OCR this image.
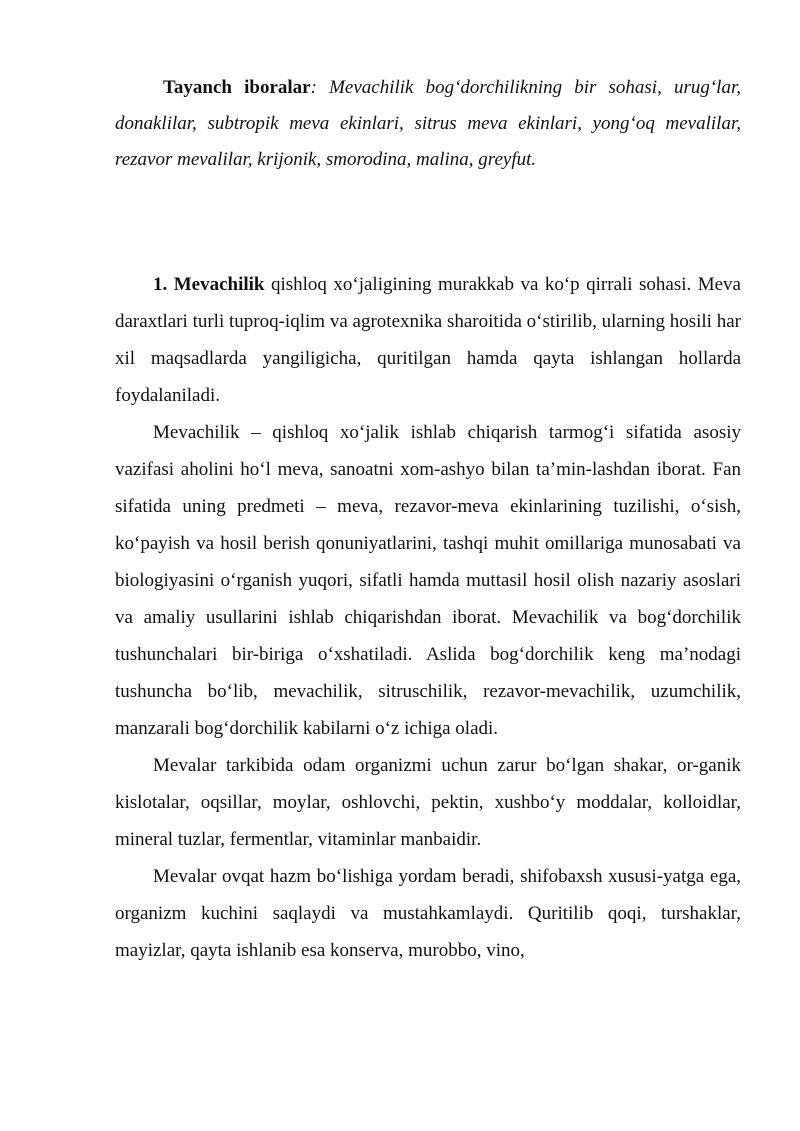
Tayanch iboralar: Mevachilik bog‘dorchilikning bir sohasi, urug‘lar, donaklilar, subtropik meva ekinlari, sitrus meva ekinlari, yong‘oq mevalilar, rezavor mevalilar, krijonik, smorodina, malina, greyfut.

1. Mevachilik qishloq xo‘jaligining murakkab va ko‘p qirrali sohasi. Meva daraxtlari turli tuproq-iqlim va agrotexnika sharoitida o‘stirilib, ularning hosili har xil maqsadlarda yangiligicha, quritilgan hamda qayta ishlangan hollarda foydalaniladi.

Mevachilik – qishloq xo‘jalik ishlab chiqarish tarmog‘i sifatida asosiy vazifasi aholini ho‘l meva, sanoatni xom-ashyo bilan ta’min-lashdan iborat. Fan sifatida uning predmeti – meva, rezavor-meva ekinlarining tuzilishi, o‘sish, ko‘payish va hosil berish qonuniyatlarini, tashqi muhit omillariga munosabati va biologiyasini o‘rganish yuqori, sifatli hamda muttasil hosil olish nazariy asoslari va amaliy usullarini ishlab chiqarishdan iborat. Mevachilik va bog‘dorchilik tushunchalari bir-biriga o‘xshatiladi. Aslida bog‘dorchilik keng ma’nodagi tushuncha bo‘lib, mevachilik, sitruschilik, rezavor-mevachilik, uzumchilik, manzarali bog‘dorchilik kabilarni o‘z ichiga oladi.

Mevalar tarkibida odam organizmi uchun zarur bo‘lgan shakar, or-ganik kislotalar, oqsillar, moylar, oshlovchi, pektin, xushbo‘y moddalar, kolloidlar, mineral tuzlar, fermentlar, vitaminlar manbaidir.

Mevalar ovqat hazm bo‘lishiga yordam beradi, shifobaxsh xususi-yatga ega, organizm kuchini saqlaydi va mustahkamlaydi. Quritilib qoqi, turshaklar, mayizlar, qayta ishlanib esa konserva, murobbo, vino,
